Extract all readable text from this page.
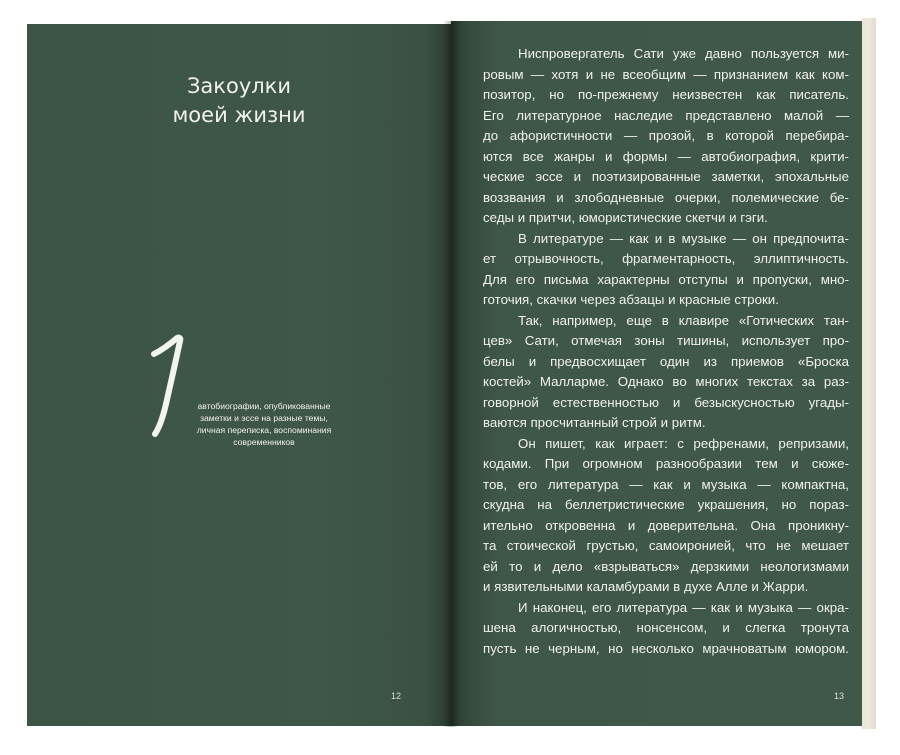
Закоулки
моей жизни
автобиографии, опубликованные
заметки и эссе на разные темы,
личная переписка, воспоминания
современников
12
Ниспровергатель Сати уже давно пользуется ми-
ровым — хотя и не всеобщим — признанием как ком-
позитор, но по-прежнему неизвестен как писатель.
Его литературное наследие представлено малой —
до афористичности — прозой, в которой перебира-
ются все жанры и формы — автобиография, крити-
ческие эссе и поэтизированные заметки, эпохальные
воззвания и злободневные очерки, полемические бе-
седы и притчи, юмористические скетчи и гэги.
В литературе — как и в музыке — он предпочита-
ет отрывочность, фрагментарность, эллиптичность.
Для его письма характерны отступы и пропуски, мно-
готочия, скачки через абзацы и красные строки.
Так, например, еще в клавире «Готических тан-
цев» Сати, отмечая зоны тишины, использует про-
белы и предвосхищает один из приемов «Броска
костей» Малларме. Однако во многих текстах за раз-
говорной естественностью и безыскусностью угады-
ваются просчитанный строй и ритм.
Он пишет, как играет: с рефренами, репризами,
кодами. При огромном разнообразии тем и сюже-
тов, его литература — как и музыка — компактна,
скудна на беллетристические украшения, но пораз-
ительно откровенна и доверительна. Она проникну-
та стоической грустью, самоиронией, что не мешает
ей то и дело «взрываться» дерзкими неологизмами
и язвительными каламбурами в духе Алле и Жарри.
И наконец, его литература — как и музыка — окра-
шена алогичностью, нонсенсом, и слегка тронута
пусть не черным, но несколько мрачноватым юмором.
13
